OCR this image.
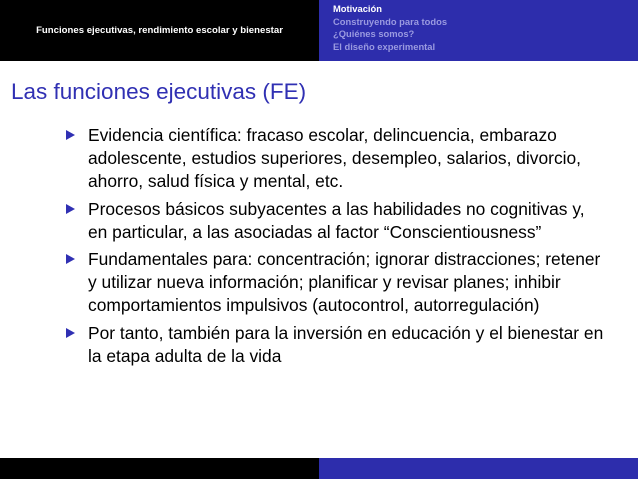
Funciones ejecutivas, rendimiento escolar y bienestar
Motivación
Construyendo para todos
¿Quiénes somos?
El diseño experimental
Las funciones ejecutivas (FE)
Evidencia científica: fracaso escolar, delincuencia, embarazo adolescente, estudios superiores, desempleo, salarios, divorcio, ahorro, salud física y mental, etc.
Procesos básicos subyacentes a las habilidades no cognitivas y, en particular, a las asociadas al factor “Conscientiousness”
Fundamentales para: concentración; ignorar distracciones; retener y utilizar nueva información; planificar y revisar planes; inhibir comportamientos impulsivos (autocontrol, autorregulación)
Por tanto, también para la inversión en educación y el bienestar en la etapa adulta de la vida
